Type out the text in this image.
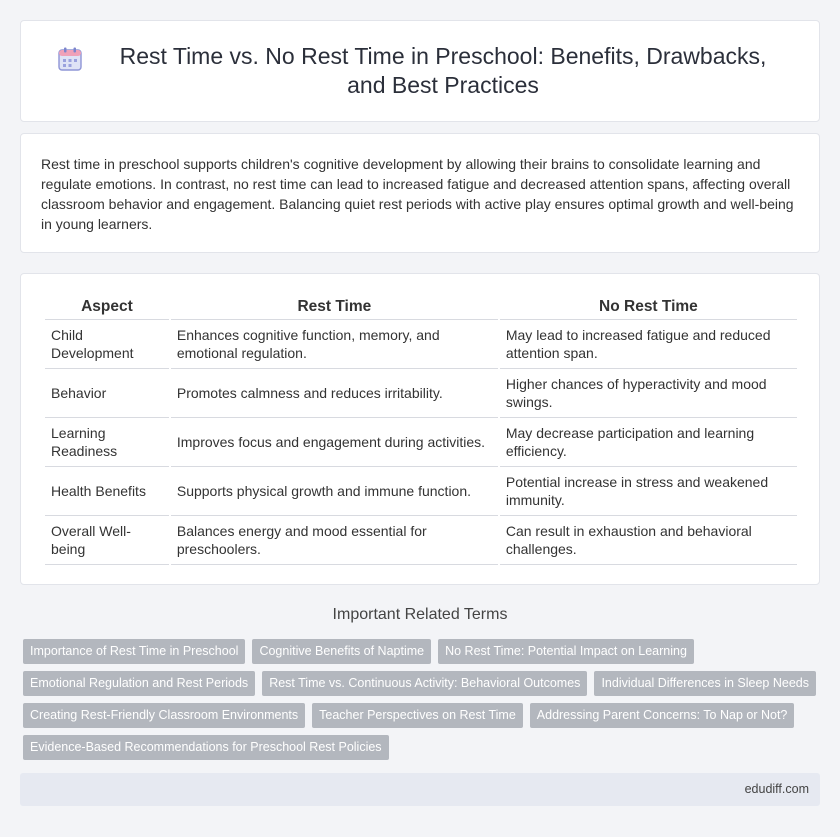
Rest Time vs. No Rest Time in Preschool: Benefits, Drawbacks, and Best Practices

Rest time in preschool supports children's cognitive development by allowing their brains to consolidate learning and regulate emotions. In contrast, no rest time can lead to increased fatigue and decreased attention spans, affecting overall classroom behavior and engagement. Balancing quiet rest periods with active play ensures optimal growth and well-being in young learners.

Aspect	Rest Time	No Rest Time
Child Development	Enhances cognitive function, memory, and emotional regulation.	May lead to increased fatigue and reduced attention span.
Behavior	Promotes calmness and reduces irritability.	Higher chances of hyperactivity and mood swings.
Learning Readiness	Improves focus and engagement during activities.	May decrease participation and learning efficiency.
Health Benefits	Supports physical growth and immune function.	Potential increase in stress and weakened immunity.
Overall Well-being	Balances energy and mood essential for preschoolers.	Can result in exhaustion and behavioral challenges.
Important Related Terms
Importance of Rest Time in Preschool	Cognitive Benefits of Naptime	No Rest Time: Potential Impact on Learning
Emotional Regulation and Rest Periods	Rest Time vs. Continuous Activity: Behavioral Outcomes	Individual Differences in Sleep Needs
Creating Rest-Friendly Classroom Environments	Teacher Perspectives on Rest Time	Addressing Parent Concerns: To Nap or Not?
Evidence-Based Recommendations for Preschool Rest Policies
edudiff.com
